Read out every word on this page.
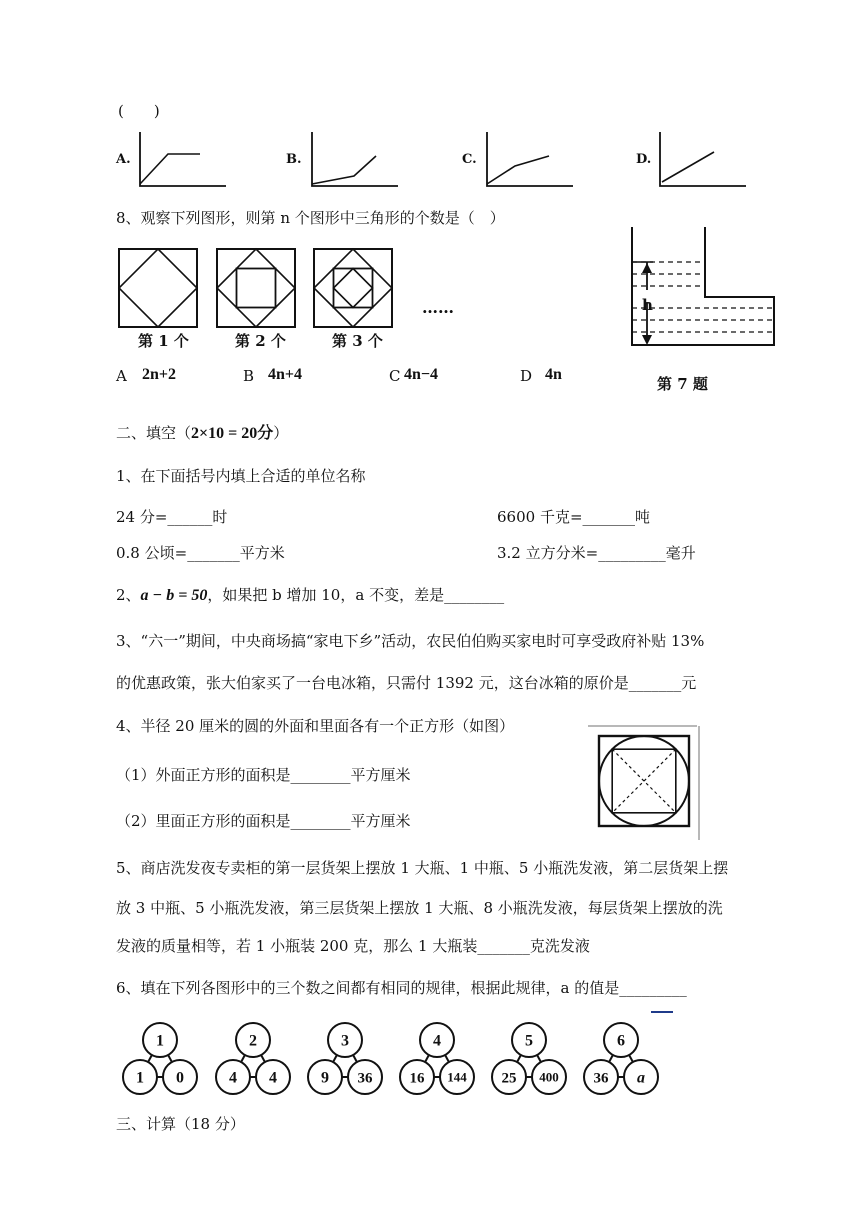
(　　)
A.	B.	C.	D.
8、观察下列图形，则第 n 个图形中三角形的个数是（　）
第 1 个	第 2 个	第 3 个
……
A 2n+2	B 4n+4	C 4n−4	D 4n
h
第 7 题
二、填空（2×10 = 20分）
1、在下面括号内填上合适的单位名称
24 分=______时	6600 千克=_______吨
0.8 公顷=_______平方米	3.2 立方分米=_________毫升
2、a − b = 50，如果把 b 增加 10，a 不变，差是________
3、“六一”期间，中央商场搞“家电下乡”活动，农民伯伯购买家电时可享受政府补贴 13%
的优惠政策，张大伯家买了一台电冰箱，只需付 1392 元，这台冰箱的原价是_______元
4、半径 20 厘米的圆的外面和里面各有一个正方形（如图）
（1）外面正方形的面积是________平方厘米
（2）里面正方形的面积是________平方厘米
5、商店洗发夜专卖柜的第一层货架上摆放 1 大瓶、1 中瓶、5 小瓶洗发液，第二层货架上摆
放 3 中瓶、5 小瓶洗发液，第三层货架上摆放 1 大瓶、8 小瓶洗发液，每层货架上摆放的洗
发液的质量相等，若 1 小瓶装 200 克，那么 1 大瓶装_______克洗发液
6、填在下列各图形中的三个数之间都有相同的规律，根据此规律，a 的值是_________
1
1 0
2
4 4
3
9 36
4
16 144
5
25 400
6
36 a
三、计算（18 分）
